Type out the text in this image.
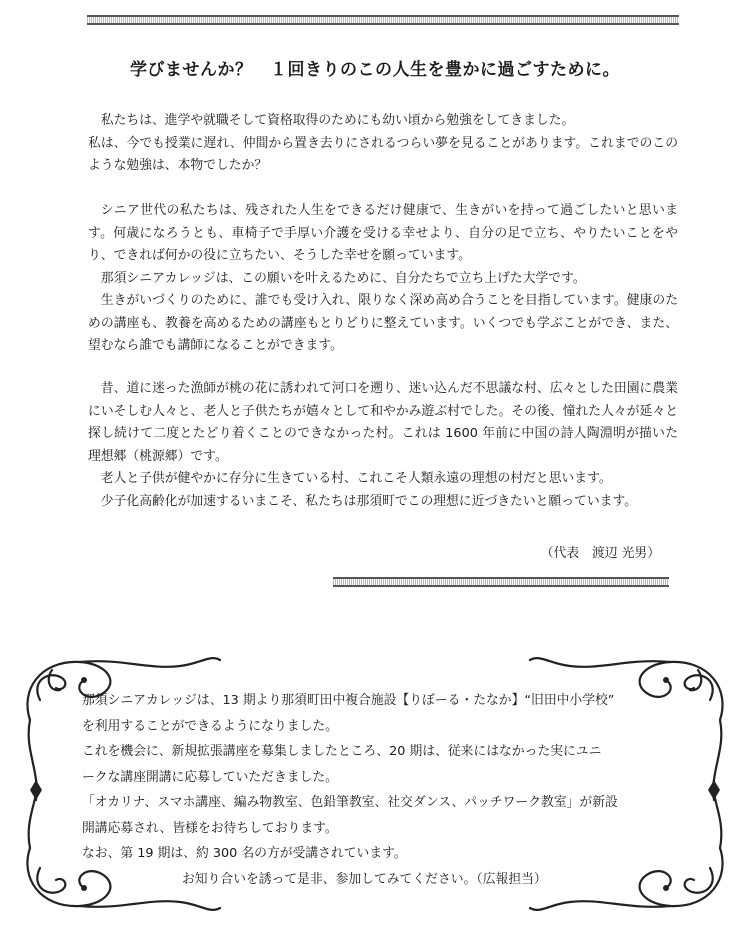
学びませんか？　１回きりのこの人生を豊かに過ごすために。

　私たちは、進学や就職そして資格取得のためにも幼い頃から勉強をしてきました。
私は、今でも授業に遅れ、仲間から置き去りにされるつらい夢を見ることがあります。これまでのこのような勉強は、本物でしたか？

シニア世代の私たちは、残された人生をできるだけ健康で、生きがいを持って過ごしたいと思います。何歳になろうとも、車椅子で手厚い介護を受ける幸せより、自分の足で立ち、やりたいことをやり、できれば何かの役に立ちたい、そうした幸せを願っています。
那須シニアカレッジは、この願いを叶えるために、自分たちで立ち上げた大学です。
生きがいづくりのために、誰でも受け入れ、限りなく深め高め合うことを目指しています。健康のための講座も、教養を高めるための講座もとりどりに整えています。いくつでも学ぶことができ、また、望むなら誰でも講師になることができます。
昔、道に迷った漁師が桃の花に誘われて河口を遡り、迷い込んだ不思議な村、広々とした田園に農業にいそしむ人々と、老人と子供たちが嬉々として和やかみ遊ぶ村でした。その後、憧れた人々が延々と探し続けて二度とたどり着くことのできなかった村。これは 1600 年前に中国の詩人陶淵明が描いた理想郷（桃源郷）です。
老人と子供が健やかに存分に生きている村、これこそ人類永遠の理想の村だと思います。
少子化高齢化が加速するいまこそ、私たちは那須町でこの理想に近づきたいと願っています。
（代表　渡辺 光男）
那須シニアカレッジは、13 期より那須町田中複合施設【りぼーる・たなか】“旧田中小学校”
を利用することができるようになりました。
これを機会に、新規拡張講座を募集しましたところ、20 期は、従来にはなかった実にユニ
ークな講座開講に応募していただきました。
「オカリナ、スマホ講座、編み物教室、色鉛筆教室、社交ダンス、パッチワーク教室」が新設
開講応募され、皆様をお待ちしております。
なお、第 19 期は、約 300 名の方が受講されています。
お知り合いを誘って是非、参加してみてください。（広報担当）
